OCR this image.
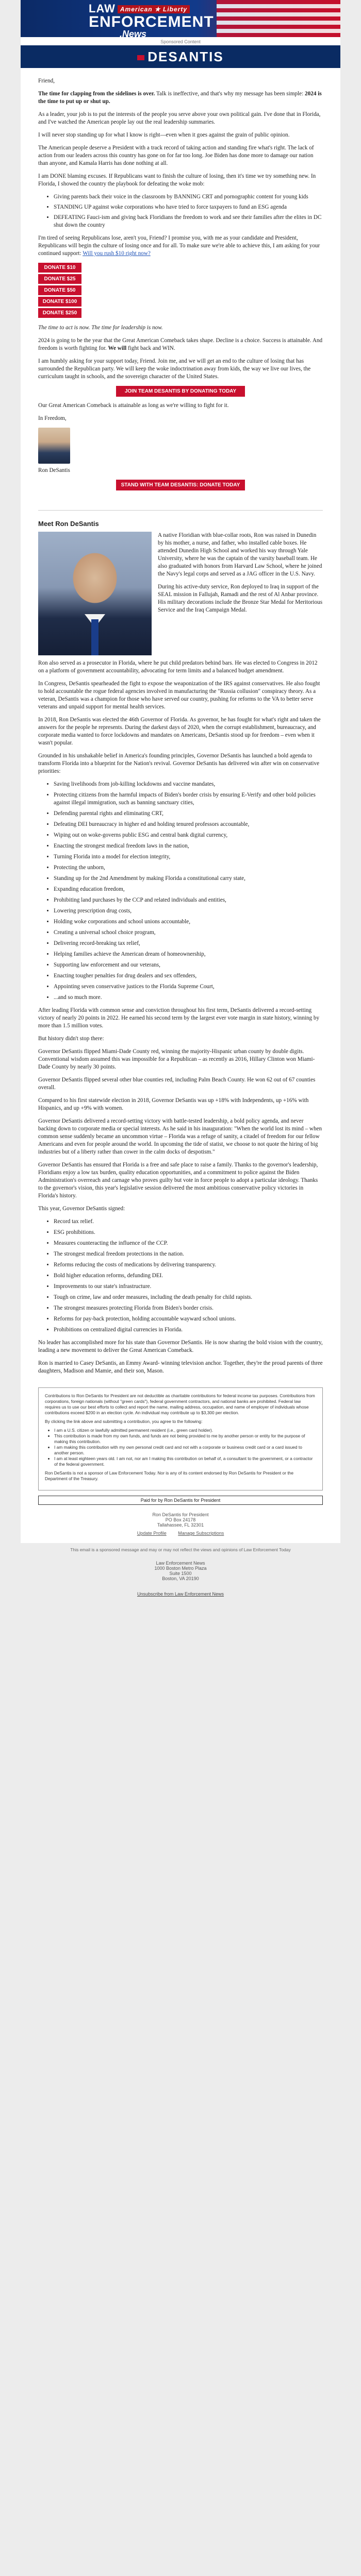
LAW American ★ Liberty
ENFORCEMENT
.News
Sponsored Content
DESANTIS

Friend,

The time for clapping from the sidelines is over. Talk is ineffective, and that's why my message has been simple: 2024 is the time to put up or shut up.

As a leader, your job is to put the interests of the people you serve above your own political gain. I've done that in Florida, and I've watched the American people lay out the real leadership summaries.

I will never stop standing up for what I know is right—even when it goes against the grain of public opinion.

The American people deserve a President with a track record of taking action and standing fire what's right. The lack of action from our leaders across this country has gone on for far too long. Joe Biden has done more to damage our nation than anyone, and Kamala Harris has done nothing at all.

I am DONE blaming excuses. If Republicans want to finish the culture of losing, then it's time we try something new. In Florida, I showed the country the playbook for defeating the woke mob:

• Giving parents back their voice in the classroom by BANNING CRT and pornographic content for young kids
• STANDING UP against woke corporations who have tried to force taxpayers to fund an ESG agenda
• DEFEATING Fauci-ism and giving back Floridians the freedom to work and see their families after the elites in DC shut down the country

I'm tired of seeing Republicans lose, aren't you, Friend? I promise you, with me as your candidate and President, Republicans will begin the culture of losing once and for all. To make sure we're able to achieve this, I am asking for your continued support: Will you rush $10 right now?

DONATE $10
DONATE $25
DONATE $50
DONATE $100
DONATE $250

The time to act is now. The time for leadership is now.

2024 is going to be the year that the Great American Comeback takes shape. Decline is a choice. Success is attainable. And freedom is worth fighting for. We will fight back and WIN.

I am humbly asking for your support today, Friend. Join me, and we will get an end to the culture of losing that has surrounded the Republican party. We will keep the woke indoctrination away from kids, the way we live our lives, the curriculum taught in schools, and the sovereign character of the United States.

JOIN TEAM DESANTIS BY DONATING TODAY

Our Great American Comeback is attainable as long as we're willing to fight for it.

In Freedom,

Ron DeSantis

STAND WITH TEAM DESANTIS: DONATE TODAY
Meet Ron DeSantis

A native Floridian with blue-collar roots, Ron was raised in Dunedin by his mother, a nurse, and father, who installed cable boxes. He attended Dunedin High School and worked his way through Yale University, where he was the captain of the varsity baseball team. He also graduated with honors from Harvard Law School, where he joined the Navy's legal corps and served as a JAG officer in the U.S. Navy.

During his active-duty service, Ron deployed to Iraq in support of the SEAL mission in Fallujah, Ramadi and the rest of Al Anbar province. His military decorations include the Bronze Star Medal for Meritorious Service and the Iraq Campaign Medal.

Ron also served as a prosecutor in Florida, where he put child predators behind bars. He was elected to Congress in 2012 on a platform of government accountability, advocating for term limits and a balanced budget amendment.

In Congress, DeSantis spearheaded the fight to expose the weaponization of the IRS against conservatives. He also fought to hold accountable the rogue federal agencies involved in manufacturing the "Russia collusion" conspiracy theory. As a veteran, DeSantis was a champion for those who have served our country, pushing for reforms to the VA to better serve veterans and unpaid support for mental health services.

In 2018, Ron DeSantis was elected the 46th Governor of Florida. As governor, he has fought for what's right and taken the answers for the people he represents. During the darkest days of 2020, when the corrupt establishment, bureaucracy, and corporate media wanted to force lockdowns and mandates on Americans, DeSantis stood up for freedom – even when it wasn't popular.

Grounded in his unshakable belief in America's founding principles, Governor DeSantis has launched a bold agenda to transform Florida into a blueprint for the Nation's revival. Governor DeSantis has delivered win after win on conservative priorities:

• Saving livelihoods from job-killing lockdowns and vaccine mandates,
• Protecting citizens from the harmful impacts of Biden's border crisis by ensuring E-Verify and other bold policies against illegal immigration, such as banning sanctuary cities,
• Defending parental rights and eliminating CRT,
• Defeating DEI bureaucracy in higher ed and holding tenured professors accountable,
• Wiping out on woke-governs public ESG and central bank digital currency,
• Enacting the strongest medical freedom laws in the nation,
• Turning Florida into a model for election integrity,
• Protecting the unborn,
• Standing up for the 2nd Amendment by making Florida a constitutional carry state,
• Expanding education freedom,
• Prohibiting land purchases by the CCP and related individuals and entities,
• Lowering prescription drug costs,
• Holding woke corporations and school unions accountable,
• Creating a universal school choice program,
• Delivering record-breaking tax relief,
• Helping families achieve the American dream of homeownership,
• Supporting law enforcement and our veterans,
• Enacting tougher penalties for drug dealers and sex offenders,
• Appointing seven conservative justices to the Florida Supreme Court,
• ...and so much more.

After leading Florida with common sense and conviction throughout his first term, DeSantis delivered a record-setting victory of nearly 20 points in 2022. He earned his second term by the largest ever vote margin in state history, winning by more than 1.5 million votes.

But history didn't stop there:

Governor DeSantis flipped Miami-Dade County red, winning the majority-Hispanic urban county by double digits. Conventional wisdom assumed this was impossible for a Republican – as recently as 2016, Hillary Clinton won Miami-Dade County by nearly 30 points.

Governor DeSantis flipped several other blue counties red, including Palm Beach County. He won 62 out of 67 counties overall.

Compared to his first statewide election in 2018, Governor DeSantis was up +18% with Independents, up +16% with Hispanics, and up +9% with women.

Governor DeSantis delivered a record-setting victory with battle-tested leadership, a bold policy agenda, and never backing down to corporate media or special interests. As he said in his inauguration: "When the world lost its mind – when common sense suddenly became an uncommon virtue – Florida was a refuge of sanity, a citadel of freedom for our fellow Americans and even for people around the world. In upcoming the tide of statist, we choose to not quote the hiring of big industries but of a liberty rather than cower in the calm docks of despotism."

Governor DeSantis has ensured that Florida is a free and safe place to raise a family. Thanks to the governor's leadership, Floridians enjoy a low tax burden, quality education opportunities, and a commitment to police against the Biden Administration's overreach and carnage who proves guilty but vote in force people to adopt a particular ideology. Thanks to the governor's vision, this year's legislative session delivered the most ambitious conservative policy victories in Florida's history.

This year, Governor DeSantis signed:

• Record tax relief.
• ESG prohibitions.
• Measures counteracting the influence of the CCP.
• The strongest medical freedom protections in the nation.
• Reforms reducing the costs of medications by delivering transparency.
• Bold higher education reforms, defunding DEI.
• Improvements to our state's infrastructure.
• Tough on crime, law and order measures, including the death penalty for child rapists.
• The strongest measures protecting Florida from Biden's border crisis.
• Reforms for pay-back protection, holding accountable wayward school unions.
• Prohibitions on centralized digital currencies in Florida.

No leader has accomplished more for his state than Governor DeSantis. He is now sharing the bold vision with the country, leading a new movement to deliver the Great American Comeback.

Ron is married to Casey DeSantis, an Emmy Award- winning television anchor. Together, they're the proud parents of three daughters, Madison and Mamie, and their son, Mason.

Contributions to Ron DeSantis for President are not deductible as charitable contributions for federal income tax purposes. Contributions from corporations, foreign nationals (without "green cards"), federal government contractors, and national banks are prohibited. Federal law requires us to use our best efforts to collect and report the name, mailing address, occupation, and name of employer of individuals whose contributions exceed $200 in an election cycle. An individual may contribute up to $3,300 per election.

By clicking the link above and submitting a contribution, you agree to the following:

• I am a U.S. citizen or lawfully admitted permanent resident (i.e., green card holder).
• This contribution is made from my own funds, and funds are not being provided to me by another person or entity for the purpose of making this contribution.
• I am making this contribution with my own personal credit card and not with a corporate or business credit card or a card issued to another person.
• I am at least eighteen years old. I am not, nor am I making this contribution on behalf of, a consultant to the government, or a contractor of the federal government.

Ron DeSantis is not a sponsor of Law Enforcement Today. Nor is any of its content endorsed by Ron DeSantis for President or the Department of the Treasury.

Paid for by Ron DeSantis for President
Ron DeSantis for President
PO Box 24178
Tallahassee, FL 32301
Update Profile	Manage Subscriptions
This email is a sponsored message and may or may not reflect the views and opinions of Law Enforcement Today
Law Enforcement News
1000 Boston Metro Plaza
Suite 1500
Boston, VA 20190
Unsubscribe from Law Enforcement News
